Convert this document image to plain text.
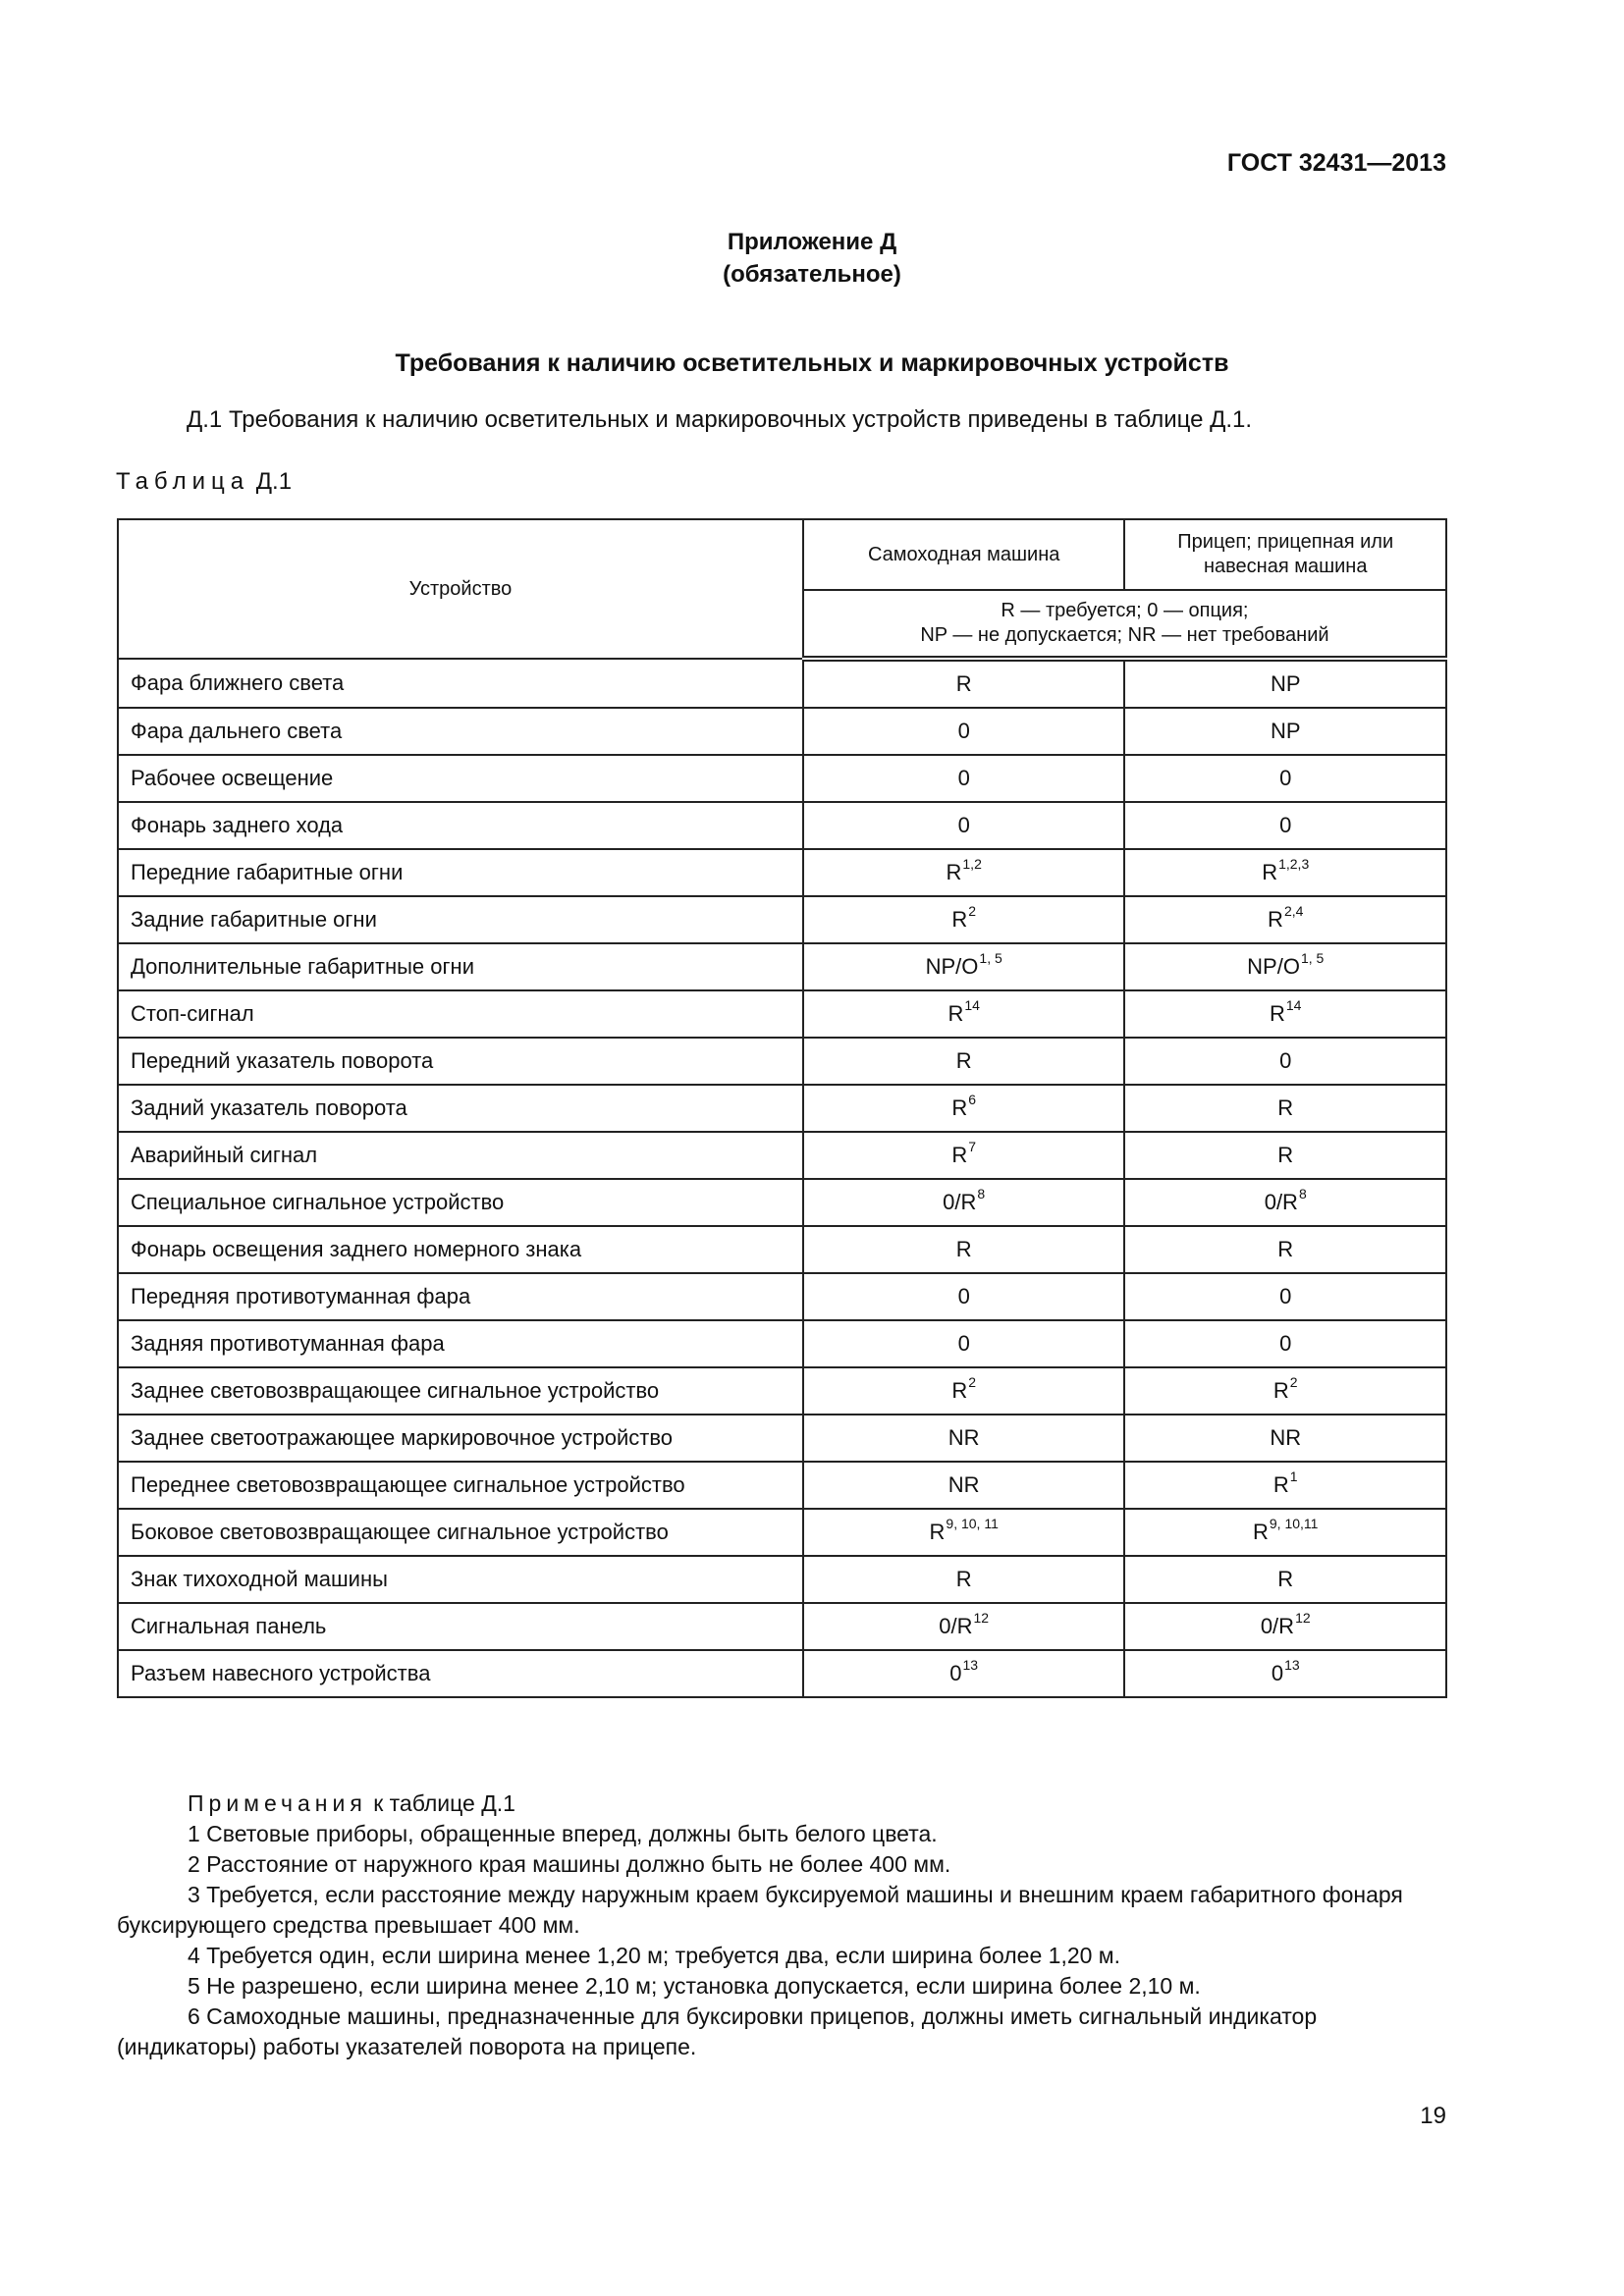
ГОСТ 32431—2013
Приложение Д
(обязательное)
Требования к наличию осветительных и маркировочных устройств
Д.1 Требования к наличию осветительных и маркировочных устройств приведены в таблице Д.1.
Таблица Д.1
Устройство	Самоходная машина	Прицеп; прицепная или
навесная машина

	R — требуется; 0 — опция;
NP — не допускается; NR — нет требований	

Фара ближнего света	R	NP
Фара дальнего света	0	NP
Рабочее освещение	0	0
Фонарь заднего хода	0	0
Передние габаритные огни	R$^{1,2}$	R$^{1,2,3}$
Задние габаритные огни	$R^2$	R$^{2,4}$
Дополнительные габаритные огни	$NP/O^{1, 5}$	$NP/O^{1, 5}$
Стоп-сигнал	$R^{14}$	$R^{14}$
Передний указатель поворота	R	0
Задний указатель поворота	$R^6$	R
Аварийный сигнал	$R^7$	R
Специальное сигнальное устройство	$0/R^8$	$0/R^8$
Фонарь освещения заднего номерного знака	R	R
Передняя противотуманная фара	0	0
Задняя противотуманная фара	0	0
Заднее световозвращающее сигнальное устройство	$R^2$	$R^2$
Заднее светоотражающее маркировочное устройство	NR	NR
Переднее световозвращающее сигнальное устройство	NR	$R^1$
Боковое световозвращающее сигнальное устройство	R$^{9, 10, 11}$	R$^{9, 10,11}$
Знак тихоходной машины	R	R
Сигнальная панель	$0/R^{12}$	$0/R^{12}$
Разъем навесного устройства	$0^{13}$	$0^{13}$
Примечания к таблице Д.1
1 Световые приборы, обращенные вперед, должны быть белого цвета.
2 Расстояние от наружного края машины должно быть не более 400 мм.
3 Требуется, если расстояние между наружным краем буксируемой машины и внешним краем габаритного фонаря буксирующего средства превышает 400 мм.
4 Требуется один, если ширина менее 1,20 м; требуется два, если ширина более 1,20 м.
5 Не разрешено, если ширина менее 2,10 м; установка допускается, если ширина более 2,10 м.
6 Самоходные машины, предназначенные для буксировки прицепов, должны иметь сигнальный индикатор (индикаторы) работы указателей поворота на прицепе.
19
